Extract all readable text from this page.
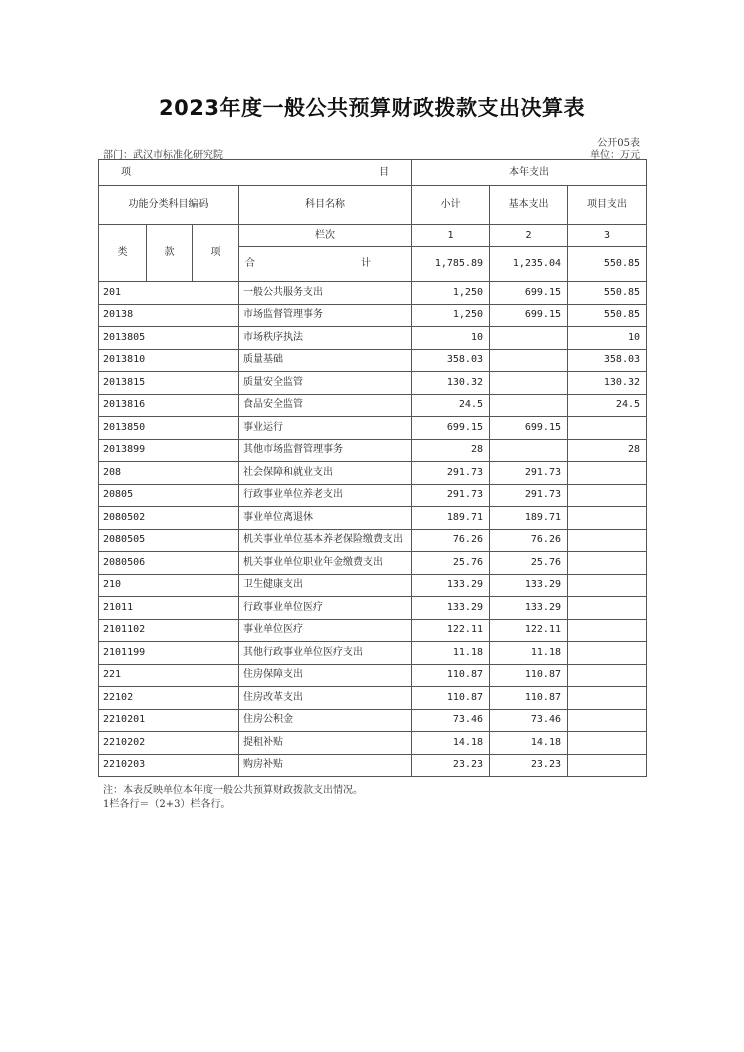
2023年度一般公共预算财政拨款支出决算表
公开05表
部门：武汉市标准化研究院	单位：万元
项 目				本年支出		
功能分类科目编码			科目名称	小计	基本支出	项目支出
类	款	项	栏次	1	2	3

			合 计	1,785.89	1,235.04	550.85
201			一般公共服务支出	1,250	699.15	550.85
20138			市场监督管理事务	1,250	699.15	550.85
2013805			市场秩序执法	10		10
2013810			质量基础	358.03		358.03
2013815			质量安全监管	130.32		130.32
2013816			食品安全监管	24.5		24.5
2013850			事业运行	699.15	699.15	
2013899			其他市场监督管理事务	28		28
208			社会保障和就业支出	291.73	291.73	
20805			行政事业单位养老支出	291.73	291.73	
2080502			事业单位离退休	189.71	189.71	
2080505			机关事业单位基本养老保险缴费支出	76.26	76.26	
2080506			机关事业单位职业年金缴费支出	25.76	25.76	
210			卫生健康支出	133.29	133.29	
21011			行政事业单位医疗	133.29	133.29	
2101102			事业单位医疗	122.11	122.11	
2101199			其他行政事业单位医疗支出	11.18	11.18	
221			住房保障支出	110.87	110.87	
22102			住房改革支出	110.87	110.87	
2210201			住房公积金	73.46	73.46	
2210202			提租补贴	14.18	14.18	
2210203			购房补贴	23.23	23.23	
注：本表反映单位本年度一般公共预算财政拨款支出情况。
1栏各行＝（2+3）栏各行。
